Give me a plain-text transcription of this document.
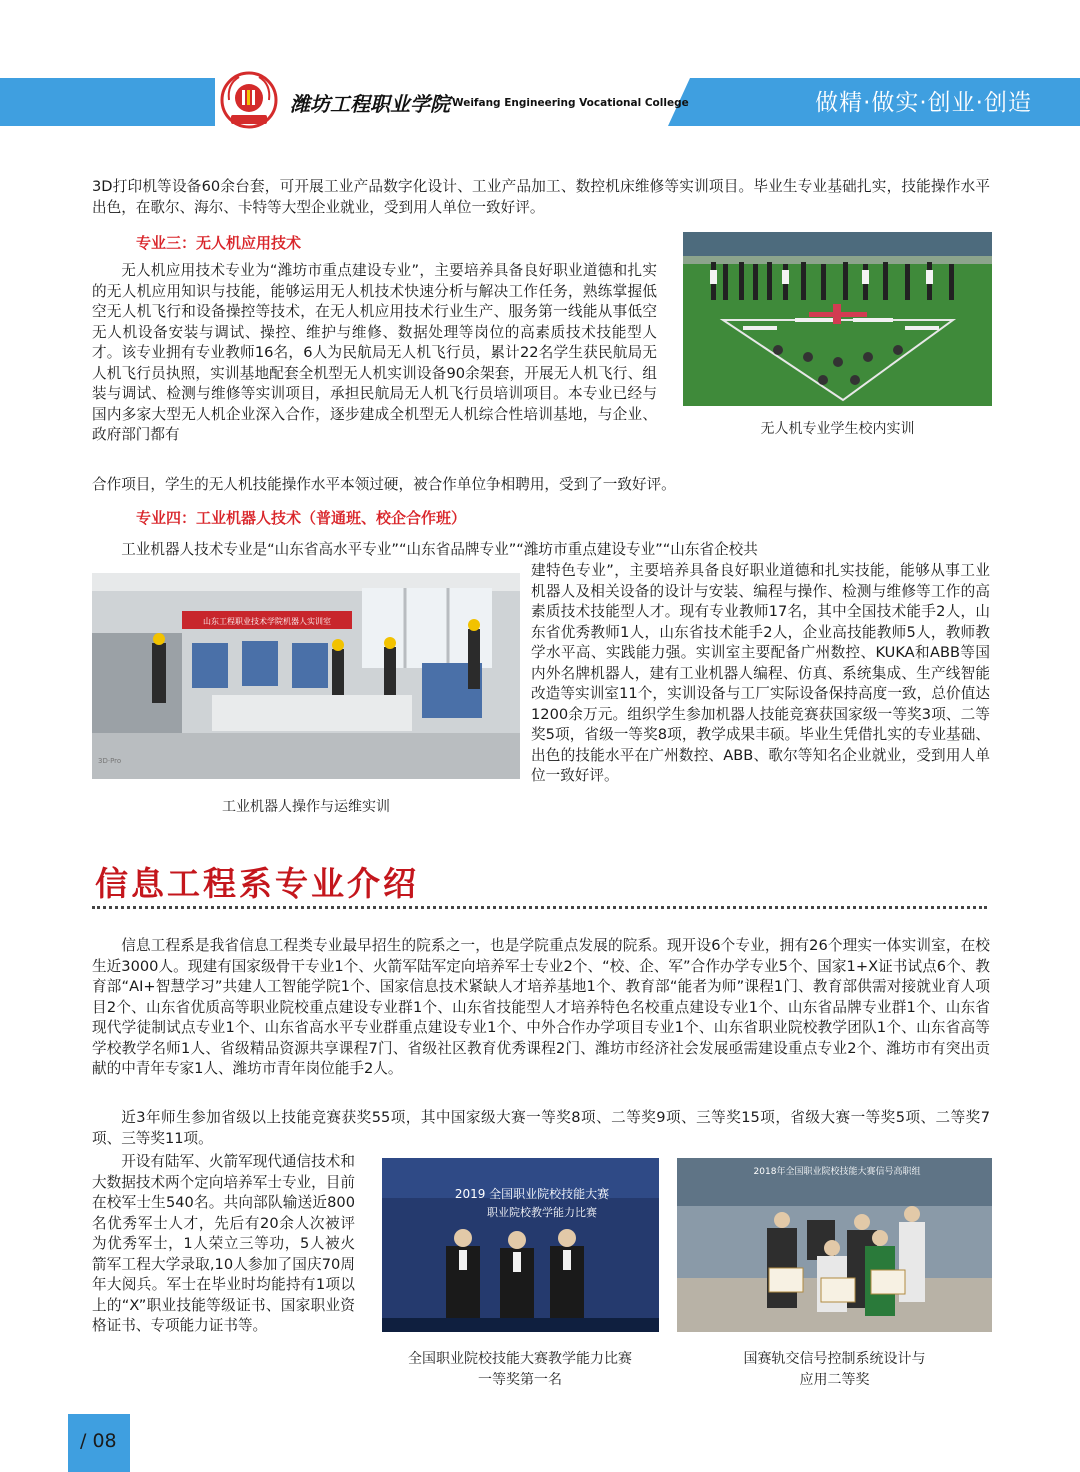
做精·做实·创业·创造
潍坊工程职业学院 Weifang Engineering Vocational College

3D打印机等设备60余台套，可开展工业产品数字化设计、工业产品加工、数控机床维修等实训项目。毕业生专业基础扎实，技能操作水平出色，在歌尔、海尔、卡特等大型企业就业，受到用人单位一致好评。

专业三：无人机应用技术

无人机应用技术专业为“潍坊市重点建设专业”，主要培养具备良好职业道德和扎实的无人机应用知识与技能，能够运用无人机技术快速分析与解决工作任务，熟练掌握低空无人机飞行和设备操控等技术，在无人机应用技术行业生产、服务第一线能从事低空无人机设备安装与调试、操控、维护与维修、数据处理等岗位的高素质技术技能型人才。该专业拥有专业教师16名，6人为民航局无人机飞行员，累计22名学生获民航局无人机飞行员执照，实训基地配套全机型无人机实训设备90余架套，开展无人机飞行、组装与调试、检测与维修等实训项目，承担民航局无人机飞行员培训项目。本专业已经与国内多家大型无人机企业深入合作，逐步建成全机型无人机综合性培训基地，与企业、政府部门都有

合作项目，学生的无人机技能操作水平本领过硬，被合作单位争相聘用，受到了一致好评。

无人机专业学生校内实训
专业四：工业机器人技术（普通班、校企合作班）

工业机器人技术专业是“山东省高水平专业”“山东省品牌专业”“潍坊市重点建设专业”“山东省企校共

建特色专业”，主要培养具备良好职业道德和扎实技能，能够从事工业机器人及相关设备的设计与安装、编程与操作、检测与维修等工作的高素质技术技能型人才。现有专业教师17名，其中全国技术能手2人，山东省优秀教师1人，山东省技术能手2人，企业高技能教师5人，教师教学水平高、实践能力强。实训室主要配备广州数控、KUKA和ABB等国内外名牌机器人，建有工业机器人编程、仿真、系统集成、生产线智能改造等实训室11个，实训设备与工厂实际设备保持高度一致，总价值达1200余万元。组织学生参加机器人技能竞赛获国家级一等奖3项、二等奖5项，省级一等奖8项，教学成果丰硕。毕业生凭借扎实的专业基础、出色的技能水平在广州数控、ABB、歌尔等知名企业就业，受到用人单位一致好评。

山东工程职业技术学院机器人实训室
3D·Pro
工业机器人操作与运维实训
信息工程系专业介绍

信息工程系是我省信息工程类专业最早招生的院系之一，也是学院重点发展的院系。现开设6个专业，拥有26个理实一体实训室，在校生近3000人。现建有国家级骨干专业1个、火箭军陆军定向培养军士专业2个、“校、企、军”合作办学专业5个、国家1+X证书试点6个、教育部“AI+智慧学习”共建人工智能学院1个、国家信息技术紧缺人才培养基地1个、教育部“能者为师”课程1门、教育部供需对接就业育人项目2个、山东省优质高等职业院校重点建设专业群1个、山东省技能型人才培养特色名校重点建设专业1个、山东省品牌专业群1个、山东省现代学徒制试点专业1个、山东省高水平专业群重点建设专业1个、中外合作办学项目专业1个、山东省职业院校教学团队1个、山东省高等学校教学名师1人、省级精品资源共享课程7门、省级社区教育优秀课程2门、潍坊市经济社会发展亟需建设重点专业2个、潍坊市有突出贡献的中青年专家1人、潍坊市青年岗位能手2人。

近3年师生参加省级以上技能竞赛获奖55项，其中国家级大赛一等奖8项、二等奖9项、三等奖15项，省级大赛一等奖5项、二等奖7项、三等奖11项。

开设有陆军、火箭军现代通信技术和大数据技术两个定向培养军士专业，目前在校军士生540名。共向部队输送近800名优秀军士人才，先后有20余人次被评为优秀军士，1人荣立三等功，5人被火箭军工程大学录取,10人参加了国庆70周年大阅兵。军士在毕业时均能持有1项以上的“X”职业技能等级证书、国家职业资格证书、专项能力证书等。

2019 全国职业院校技能大赛
职业院校教学能力比赛
全国职业院校技能大赛教学能力比赛
一等奖第一名
2018年全国职业院校技能大赛信号高职组
国赛轨交信号控制系统设计与
应用二等奖
/ 08
